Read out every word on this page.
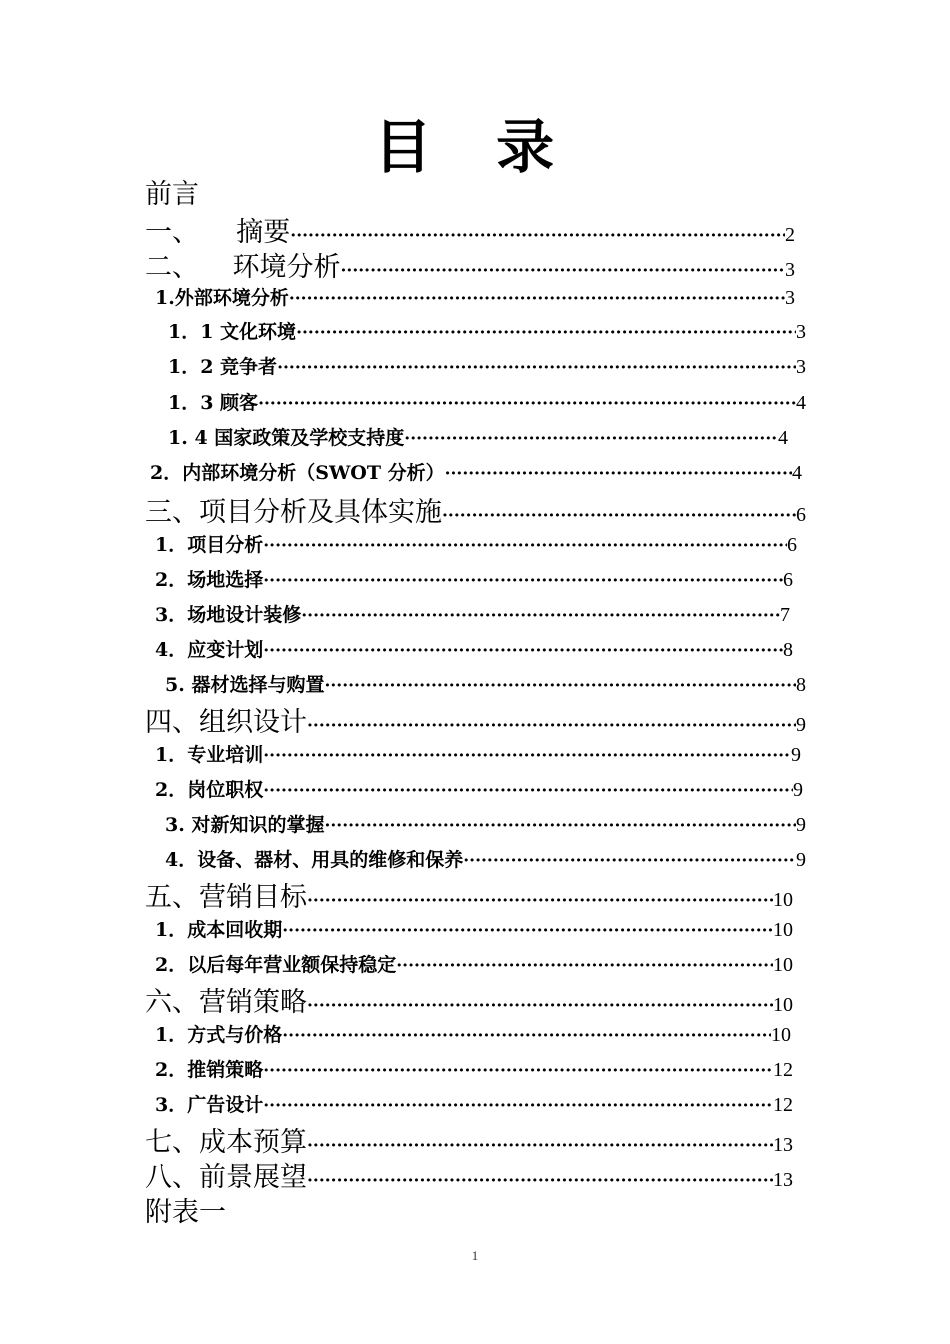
目 录
前言
一、 摘要 ·····	2
二、 环境分析 ·····	3
1.外部环境分析 ·····	3
1．1 文化环境 ·····	3
1．2 竞争者 ·····	3
1．3 顾客 ·····	4
1. 4 国家政策及学校支持度 ·····	4
2．内部环境分析（SWOT 分析） ·····	4
三、项目分析及具体实施 ·····	6
1．项目分析 ·····	6
2．场地选择 ·····	6
3．场地设计装修 ·····	7
4．应变计划 ·····	8
5. 器材选择与购置 ·····	8
四、组织设计 ·····	9
1．专业培训 ·····	9
2．岗位职权 ·····	9
3. 对新知识的掌握 ·····	9
4．设备、器材、用具的维修和保养 ·····	9
五、营销目标 ·····	10
1．成本回收期 ·····	10
2．以后每年营业额保持稳定 ·····	10
六、营销策略 ·····	10
1．方式与价格 ·····	10
2．推销策略 ·····	12
3．广告设计 ·····	12
七、成本预算 ·····	13
八、前景展望 ·····	13
附表一
1
